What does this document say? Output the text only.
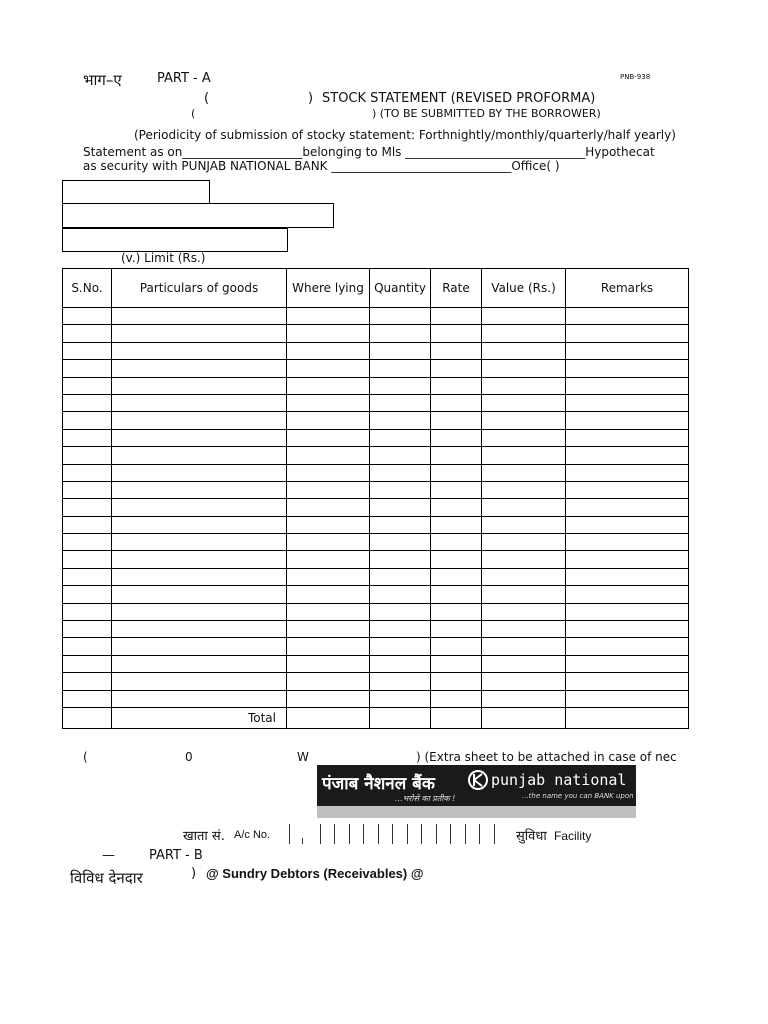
भाग–ए	PART - A	PNB-938
(	) STOCK STATEMENT (REVISED PROFORMA)
(	) (TO BE SUBMITTED BY THE BORROWER)
(Periodicity of submission of stocky statement: Forthnightly/monthly/quarterly/half yearly)
Statement as on____________________belonging to Mls ______________________________Hypothecat
as security with PUNJAB NATIONAL BANK ______________________________Office( )
(v.) Limit (Rs.)
S.No.	Particulars of goods	Where lying	Quantity	Rate	Value (Rs.)	Remarks

	Total					
(	0	W	) (Extra sheet to be attached in case of nec
पंजाब नैशनल बैंक
...भरोसे का प्रतीक !
punjab national bank
...the name you can BANK upon !
खाता सं. A/c No.	सुविधा Facility
—	PART - B
विविध देनदार	) @ Sundry Debtors (Receivables) @
